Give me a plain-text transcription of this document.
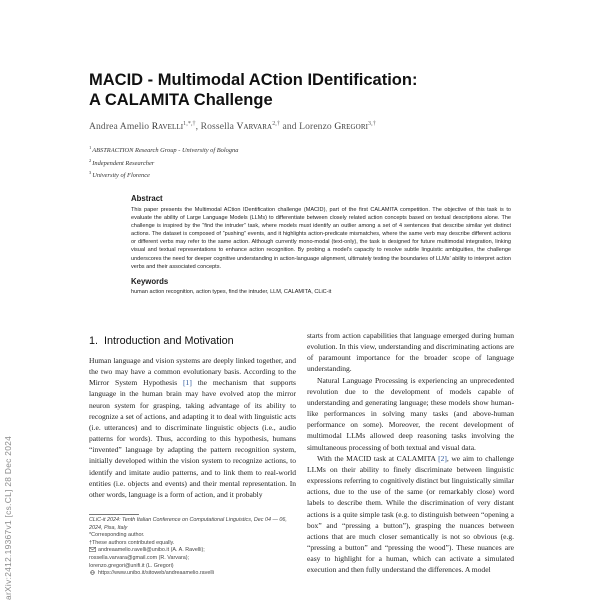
MACID - Multimodal ACtion IDentification:
A CALAMITA Challenge
Andrea Amelio Ravelli$^{1,*,\dagger}$, Rossella Varvara$^{2,\dagger}$ and Lorenzo Gregori$^{3,\dagger}$
$^1$ABSTRACTION Research Group - University of Bologna
$^2$Independent Researcher
$^3$University of Florence
Abstract
This paper presents the Multimodal ACtion IDentification challenge (MACID), part of the first CALAMITA competition. The objective of this task is to evaluate the ability of Large Language Models (LLMs) to differentiate between closely related action concepts based on textual descriptions alone. The challenge is inspired by the “find the intruder” task, where models must identify an outlier among a set of 4 sentences that describe similar yet distinct actions. The dataset is composed of “pushing” events, and it highlights action-predicate mismatches, where the same verb may describe different actions or different verbs may refer to the same action. Although currently mono-modal (text-only), the task is designed for future multimodal integration, linking visual and textual representations to enhance action recognition. By probing a model’s capacity to resolve subtle linguistic ambiguities, the challenge underscores the need for deeper cognitive understanding in action-language alignment, ultimately testing the boundaries of LLMs’ ability to interpret action verbs and their associated concepts.
Keywords
human action recognition, action types, find the intruder, LLM, CALAMITA, CLiC-it
1. Introduction and Motivation

Human language and vision systems are deeply linked together, and the two may have a common evolutionary basis. According to the Mirror System Hypothesis [1] the mechanism that supports language in the human brain may have evolved atop the mirror neuron system for grasping, taking advantage of its ability to recognize a set of actions, and adapting it to deal with linguistic acts (i.e. utterances) and to discriminate linguistic objects (i.e., audio patterns for words). Thus, according to this hypothesis, humans “invented” language by adapting the pattern recognition system, initially developed within the vision system to recognize actions, to identify and imitate audio patterns, and to link them to real-world entities (i.e. objects and events) and their mental representation. In other words, language is a form of action, and it probably

starts from action capabilities that language emerged during human evolution. In this view, understanding and discriminating actions are of paramount importance for the broader scope of language understanding.

Natural Language Processing is experiencing an unprecedented revolution due to the development of models capable of understanding and generating language; these models show human-like performances in solving many tasks (and above-human performance on some). Moreover, the recent development of multimodal LLMs allowed deep reasoning tasks involving the simultaneous processing of both textual and visual data.

With the MACID task at CALAMITA [2], we aim to challenge LLMs on their ability to finely discriminate between linguistic expressions referring to cognitively distinct but linguistically similar actions, due to the use of the same (or remarkably close) word labels to describe them. While the discrimination of very distant actions is a quite simple task (e.g. to distinguish between “opening a box” and “pressing a button”), grasping the nuances between actions that are much closer semantically is not so obvious (e.g. “pressing a button” and “pressing the wood”). These nuances are easy to highlight for a human, which can activate a simulated execution and then fully understand the differences. A model

CLiC-it 2024: Tenth Italian Conference on Computational Linguistics, Dec 04 — 06, 2024, Pisa, Italy
*Corresponding author.
†These authors contributed equally.
andreaamelio.ravelli@unibo.it (A. A. Ravelli);
rossella.varvara@gmail.com (R. Varvara);
lorenzo.gregori@unifi.it (L. Gregori)
https://www.unibo.it/sitoweb/andreaamelio.ravelli
arXiv:2412.19367v1 [cs.CL] 28 Dec 2024
